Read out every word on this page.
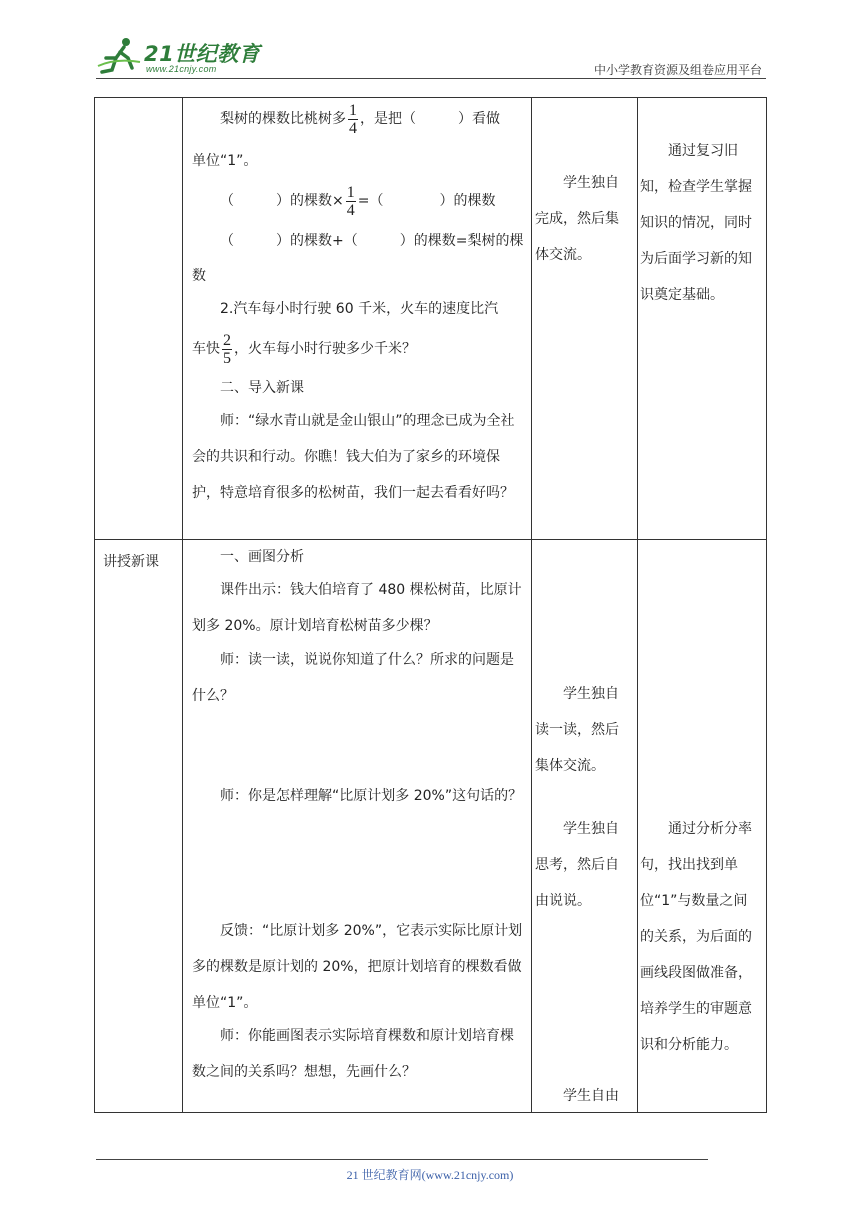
21世纪教育
www.21cnjy.com	中小学教育资源及组卷应用平台
梨树的棵数比桃树多 $\frac{1}{4}$ ，是把（　　　）看做
单位“1”。
（　　　）的棵数× $\frac{1}{4}$ =（　　　　）的棵数
（　　　）的棵数+（　　　）的棵数=梨树的棵
数
2.汽车每小时行驶 60 千米，火车的速度比汽
车快 $\frac{2}{5}$ ，火车每小时行驶多少千米？
二、导入新课
师：“绿水青山就是金山银山”的理念已成为全社会的共识和行动。你瞧！钱大伯为了家乡的环境保护，特意培育很多的松树苗，我们一起去看看好吗？
学生独自完成，然后集体交流。
通过复习旧知，检查学生掌握知识的情况，同时为后面学习新的知识奠定基础。
讲授新课	一、画图分析
课件出示：钱大伯培育了 480 棵松树苗，比原计划多 20%。原计划培育松树苗多少棵？
师：读一读，说说你知道了什么？所求的问题是什么？
师：你是怎样理解“比原计划多 20%”这句话的？
反馈：“比原计划多 20%”，它表示实际比原计划多的棵数是原计划的 20%，把原计划培育的棵数看做单位“1”。
师：你能画图表示实际培育棵数和原计划培育棵数之间的关系吗？想想，先画什么？
学生独自读一读，然后集体交流。
学生独自思考，然后自由说说。
学生自由
通过分析分率句，找出找到单位“1”与数量之间的关系，为后面的画线段图做准备，培养学生的审题意识和分析能力。
21 世纪教育网(www.21cnjy.com)
